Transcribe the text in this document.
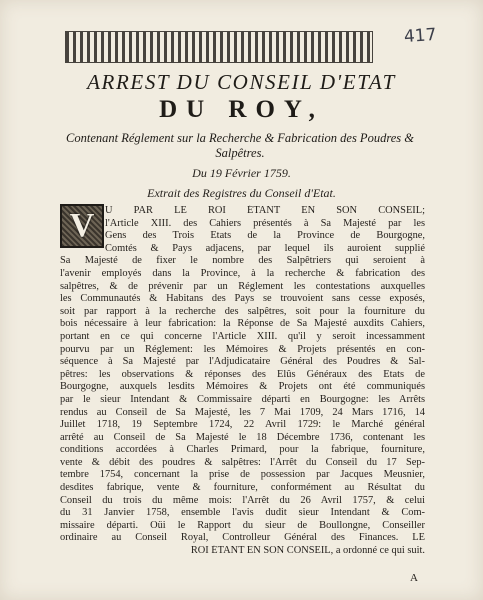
417
ARREST DU CONSEIL D'ETAT
DU ROY,
Contenant Réglement sur la Recherche & Fabrication des Poudres & Salpêtres.
Du 19 Février 1759.
Extrait des Registres du Conseil d'Etat.
V U PAR LE ROI ÉTANT EN SON CONSEIL;
l'Article XIII. des Cahiers présentés à Sa Majesté par les
Gens des Trois Etats de la Province de Bourgogne,
Comtés & Pays adjacens, par lequel ils auroient supplié
Sa Majesté de fixer le nombre des Salpêtriers qui seroient à
l'avenir employés dans la Province, à la recherche & fabrication des
salpêtres, & de prévenir par un Réglement les contestations auxquelles
les Communautés & Habitans des Pays se trouvoient sans cesse exposés,
soit par rapport à la recherche des salpêtres, soit pour la fourniture du
bois nécessaire à leur fabrication: la Réponse de Sa Majesté auxdits Cahiers,
portant en ce qui concerne l'Article XIII. qu'il y seroit incessamment
pourvu par un Réglement: les Mémoires & Projets présentés en con-
séquence à Sa Majesté par l'Adjudicataire Général des Poudres & Sal-
pêtres: les observations & réponses des Elûs Généraux des Etats de
Bourgogne, auxquels lesdits Mémoires & Projets ont été communiqués
par le sieur Intendant & Commissaire départi en Bourgogne: les Arrêts
rendus au Conseil de Sa Majesté, les 7 Mai 1709, 24 Mars 1716, 14
Juillet 1718, 19 Septembre 1724, 22 Avril 1729: le Marché général
arrêté au Conseil de Sa Majesté le 18 Décembre 1736, contenant les
conditions accordées à Charles Primard, pour la fabrique, fourniture,
vente & débit des poudres & salpêtres: l'Arrêt du Conseil du 17 Sep-
tembre 1754, concernant la prise de possession par Jacques Meusnier,
desdites fabrique, vente & fourniture, conformément au Résultat du
Conseil du trois du même mois: l'Arrêt du 26 Avril 1757, & celui
du 31 Janvier 1758, ensemble l'avis dudit sieur Intendant & Com-
missaire départi. Oüi le Rapport du sieur de Boullongne, Conseiller
ordinaire au Conseil Royal, Controlleur Général des Finances. LE
ROI ÉTANT EN SON CONSEIL, a ordonné ce qui suit.
A
